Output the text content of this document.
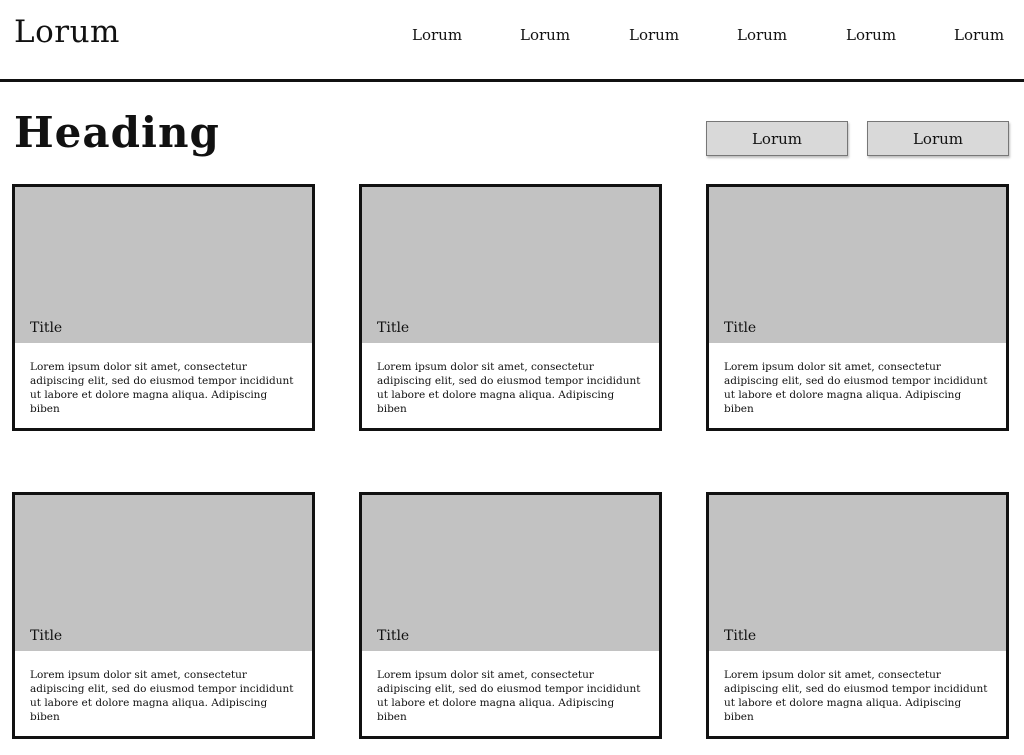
Lorum	Lorum	Lorum	Lorum	Lorum	Lorum	Lorum
Heading	Lorum	Lorum
Title
Lorem ipsum dolor sit amet, consectetur adipiscing elit, sed do eiusmod tempor incididunt ut labore et dolore magna aliqua. Adipiscing biben
Title
Lorem ipsum dolor sit amet, consectetur adipiscing elit, sed do eiusmod tempor incididunt ut labore et dolore magna aliqua. Adipiscing biben
Title
Lorem ipsum dolor sit amet, consectetur adipiscing elit, sed do eiusmod tempor incididunt ut labore et dolore magna aliqua. Adipiscing biben
Title
Lorem ipsum dolor sit amet, consectetur adipiscing elit, sed do eiusmod tempor incididunt ut labore et dolore magna aliqua. Adipiscing biben
Title
Lorem ipsum dolor sit amet, consectetur adipiscing elit, sed do eiusmod tempor incididunt ut labore et dolore magna aliqua. Adipiscing biben
Title
Lorem ipsum dolor sit amet, consectetur adipiscing elit, sed do eiusmod tempor incididunt ut labore et dolore magna aliqua. Adipiscing biben
